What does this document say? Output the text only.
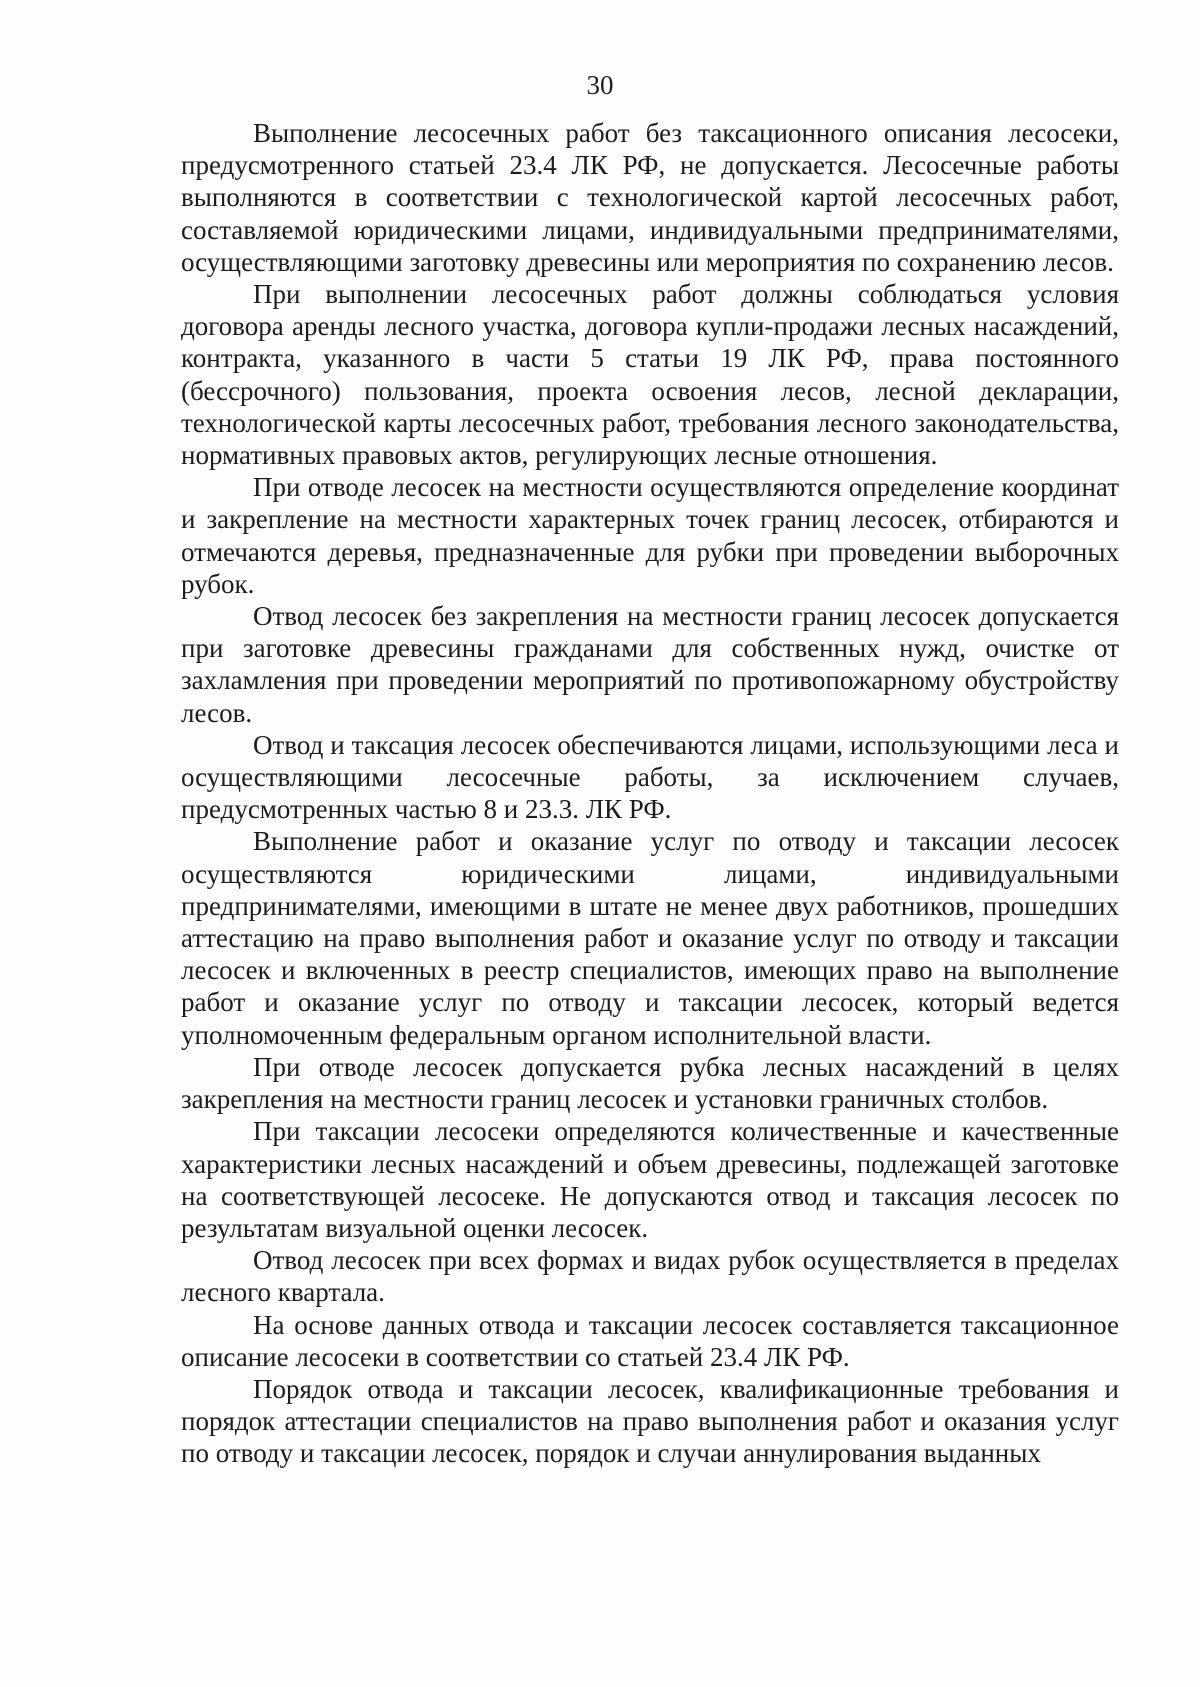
30

Выполнение лесосечных работ без таксационного описания лесосеки, предусмотренного статьей 23.4 ЛК РФ, не допускается. Лесосечные работы выполняются в соответствии с технологической картой лесосечных работ, составляемой юридическими лицами, индивидуальными предпринимателями, осуществляющими заготовку древесины или мероприятия по сохранению лесов.

При выполнении лесосечных работ должны соблюдаться условия договора аренды лесного участка, договора купли-продажи лесных насаждений, контракта, указанного в части 5 статьи 19 ЛК РФ, права постоянного (бессрочного) пользования, проекта освоения лесов, лесной декларации, технологической карты лесосечных работ, требования лесного законодательства, нормативных правовых актов, регулирующих лесные отношения.

При отводе лесосек на местности осуществляются определение координат и закрепление на местности характерных точек границ лесосек, отбираются и отмечаются деревья, предназначенные для рубки при проведении выборочных рубок.

Отвод лесосек без закрепления на местности границ лесосек допускается при заготовке древесины гражданами для собственных нужд, очистке от захламления при проведении мероприятий по противопожарному обустройству лесов.

Отвод и таксация лесосек обеспечиваются лицами, использующими леса и осуществляющими лесосечные работы, за исключением случаев, предусмотренных частью 8 и 23.3. ЛК РФ.

Выполнение работ и оказание услуг по отводу и таксации лесосек осуществляются юридическими лицами, индивидуальными предпринимателями, имеющими в штате не менее двух работников, прошедших аттестацию на право выполнения работ и оказание услуг по отводу и таксации лесосек и включенных в реестр специалистов, имеющих право на выполнение работ и оказание услуг по отводу и таксации лесосек, который ведется уполномоченным федеральным органом исполнительной власти.

При отводе лесосек допускается рубка лесных насаждений в целях закрепления на местности границ лесосек и установки граничных столбов.

При таксации лесосеки определяются количественные и качественные характеристики лесных насаждений и объем древесины, подлежащей заготовке на соответствующей лесосеке. Не допускаются отвод и таксация лесосек по результатам визуальной оценки лесосек.

Отвод лесосек при всех формах и видах рубок осуществляется в пределах лесного квартала.

На основе данных отвода и таксации лесосек составляется таксационное описание лесосеки в соответствии со статьей 23.4 ЛК РФ.

Порядок отвода и таксации лесосек, квалификационные требования и порядок аттестации специалистов на право выполнения работ и оказания услуг по отводу и таксации лесосек, порядок и случаи аннулирования выданных
